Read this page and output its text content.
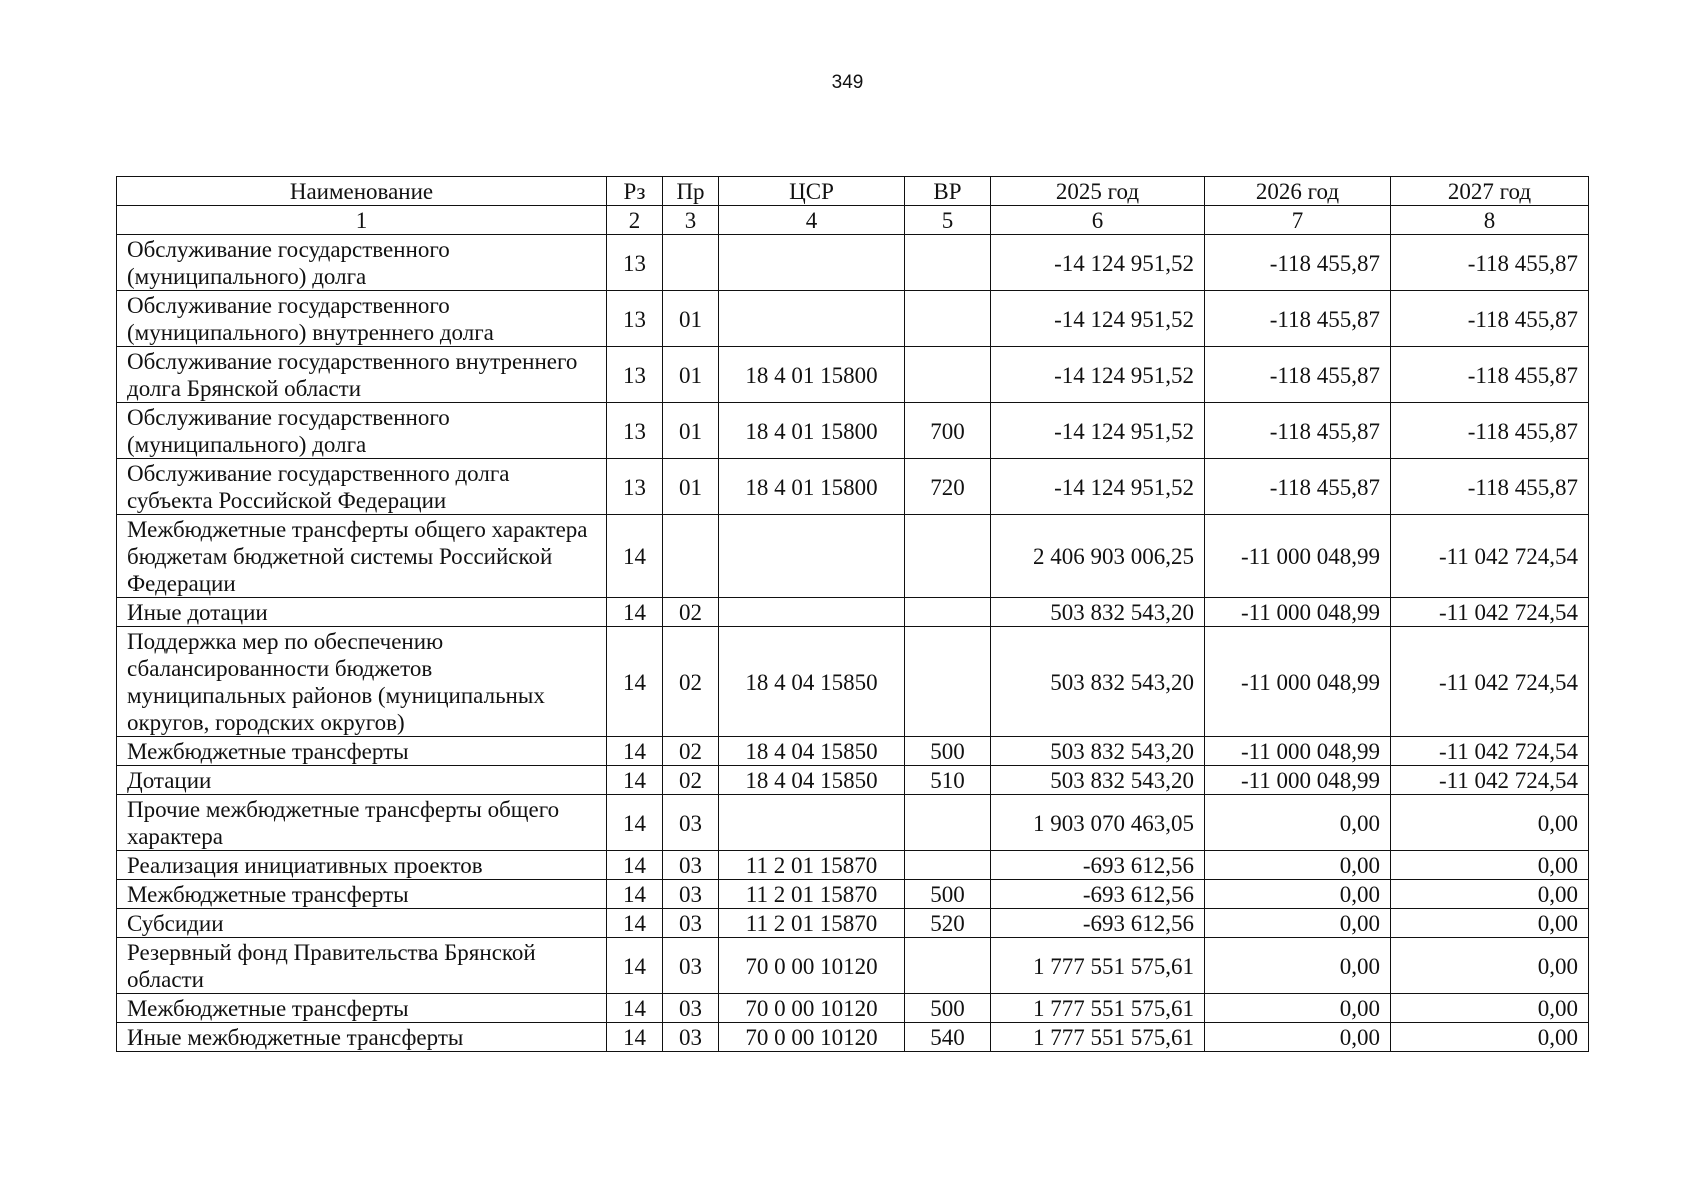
349
Наименование	Рз	Пр	ЦСР	ВР	2025 год	2026 год	2027 год
1	2	3	4	5	6	7	8
Обслуживание государственного (муниципального) долга	13				-14 124 951,52	-118 455,87	-118 455,87
Обслуживание государственного (муниципального) внутреннего долга	13	01			-14 124 951,52	-118 455,87	-118 455,87
Обслуживание государственного внутреннего долга Брянской области	13	01	18 4 01 15800		-14 124 951,52	-118 455,87	-118 455,87
Обслуживание государственного (муниципального) долга	13	01	18 4 01 15800	700	-14 124 951,52	-118 455,87	-118 455,87
Обслуживание государственного долга субъекта Российской Федерации	13	01	18 4 01 15800	720	-14 124 951,52	-118 455,87	-118 455,87
Межбюджетные трансферты общего характера бюджетам бюджетной системы Российской Федерации	14				2 406 903 006,25	-11 000 048,99	-11 042 724,54
Иные дотации	14	02			503 832 543,20	-11 000 048,99	-11 042 724,54
Поддержка мер по обеспечению сбалансированности бюджетов муниципальных районов (муниципальных округов, городских округов)	14	02	18 4 04 15850		503 832 543,20	-11 000 048,99	-11 042 724,54
Межбюджетные трансферты	14	02	18 4 04 15850	500	503 832 543,20	-11 000 048,99	-11 042 724,54
Дотации	14	02	18 4 04 15850	510	503 832 543,20	-11 000 048,99	-11 042 724,54
Прочие межбюджетные трансферты общего характера	14	03			1 903 070 463,05	0,00	0,00
Реализация инициативных проектов	14	03	11 2 01 15870		-693 612,56	0,00	0,00
Межбюджетные трансферты	14	03	11 2 01 15870	500	-693 612,56	0,00	0,00
Субсидии	14	03	11 2 01 15870	520	-693 612,56	0,00	0,00
Резервный фонд Правительства Брянской области	14	03	70 0 00 10120		1 777 551 575,61	0,00	0,00
Межбюджетные трансферты	14	03	70 0 00 10120	500	1 777 551 575,61	0,00	0,00
Иные межбюджетные трансферты	14	03	70 0 00 10120	540	1 777 551 575,61	0,00	0,00
